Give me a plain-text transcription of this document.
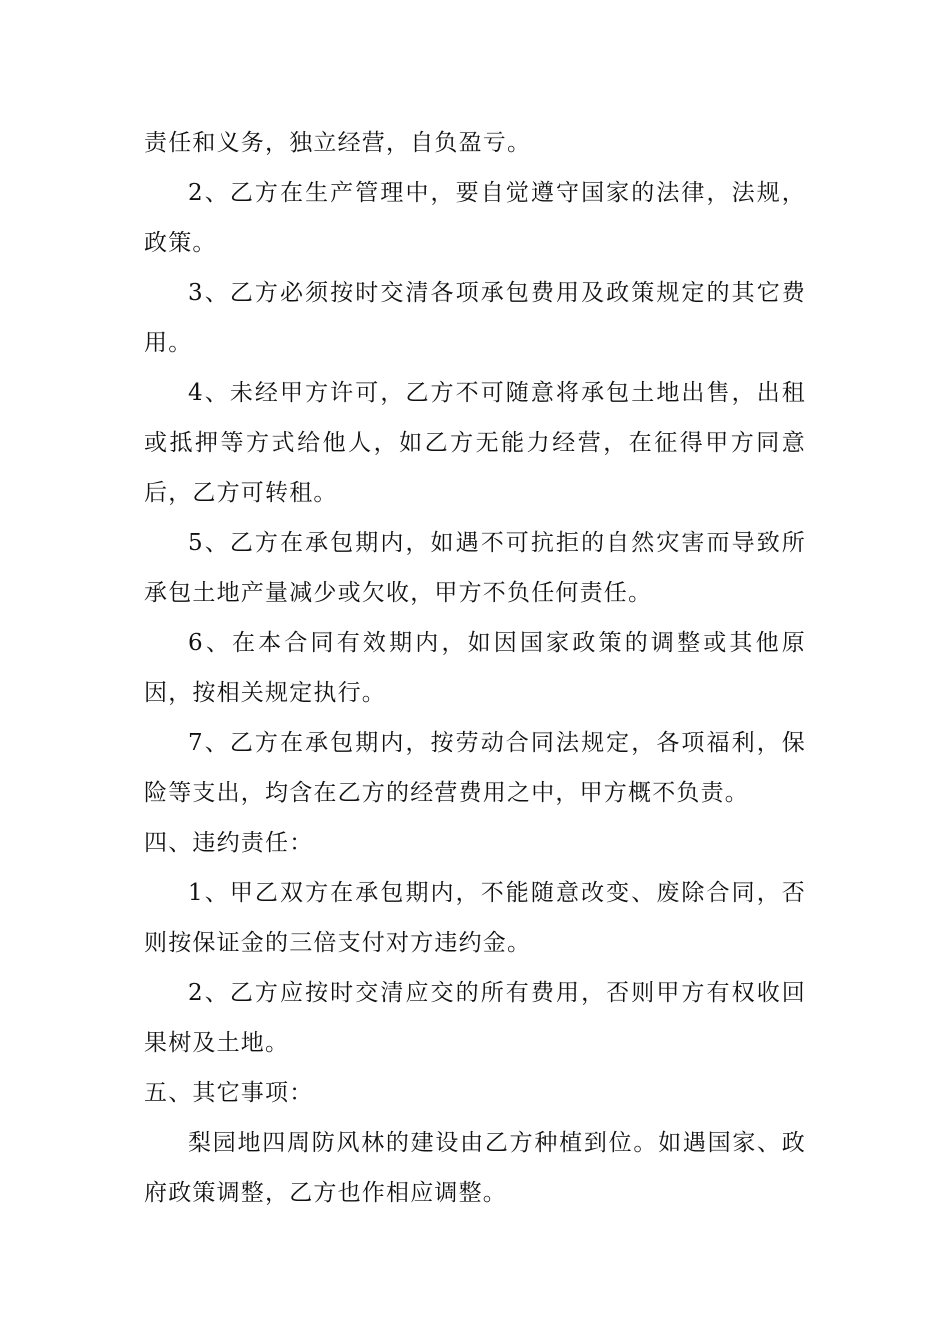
责任和义务，独立经营，自负盈亏。

2、乙方在生产管理中，要自觉遵守国家的法律，法规，政策。

3、乙方必须按时交清各项承包费用及政策规定的其它费用。

4、未经甲方许可，乙方不可随意将承包土地出售，出租或抵押等方式给他人，如乙方无能力经营，在征得甲方同意后，乙方可转租。

5、乙方在承包期内，如遇不可抗拒的自然灾害而导致所承包土地产量减少或欠收，甲方不负任何责任。

6、在本合同有效期内，如因国家政策的调整或其他原因，按相关规定执行。

7、乙方在承包期内，按劳动合同法规定，各项福利，保险等支出，均含在乙方的经营费用之中，甲方概不负责。

四、违约责任：

1、甲乙双方在承包期内，不能随意改变、废除合同，否则按保证金的三倍支付对方违约金。

2、乙方应按时交清应交的所有费用，否则甲方有权收回果树及土地。

五、其它事项：

梨园地四周防风林的建设由乙方种植到位。如遇国家、政府政策调整，乙方也作相应调整。
